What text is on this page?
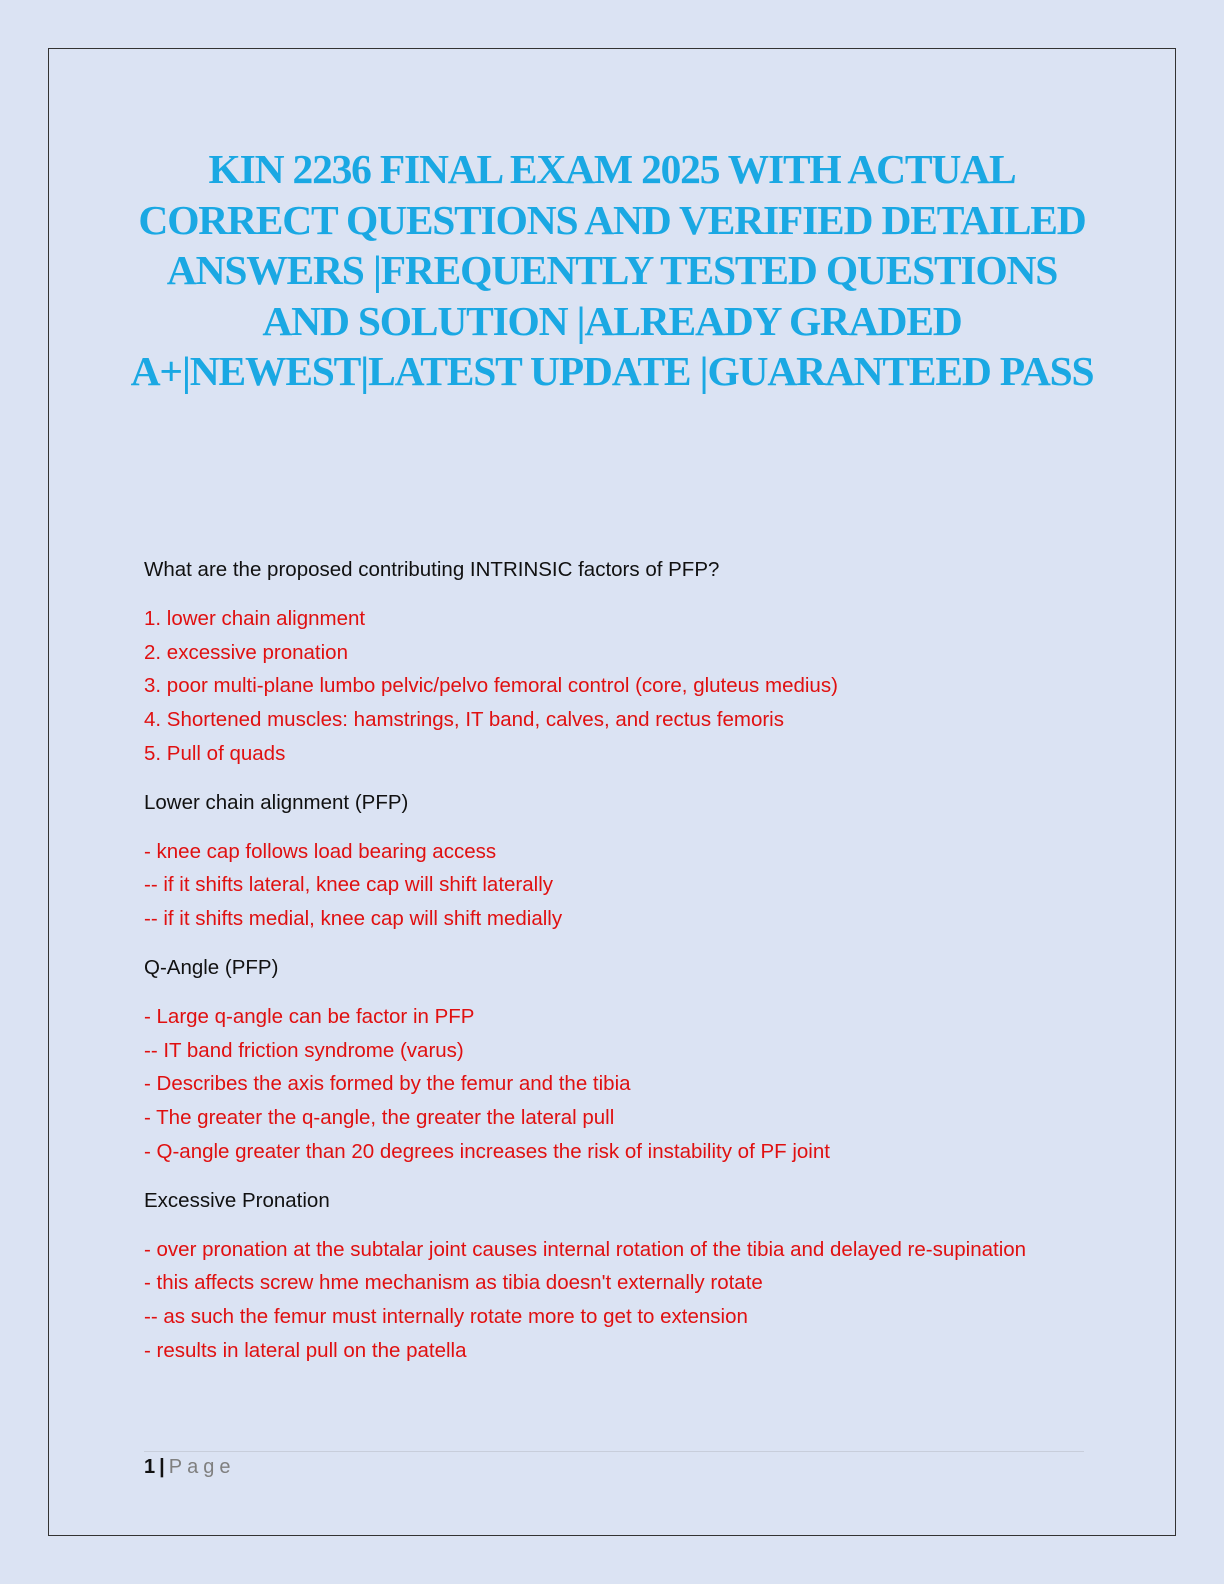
KIN 2236 FINAL EXAM 2025 WITH ACTUAL CORRECT QUESTIONS AND VERIFIED DETAILED ANSWERS |FREQUENTLY TESTED QUESTIONS AND SOLUTION |ALREADY GRADED A+|NEWEST|LATEST UPDATE |GUARANTEED PASS
What are the proposed contributing INTRINSIC factors of PFP?
1. lower chain alignment
2. excessive pronation
3. poor multi-plane lumbo pelvic/pelvo femoral control (core, gluteus medius)
4. Shortened muscles: hamstrings, IT band, calves, and rectus femoris
5. Pull of quads
Lower chain alignment (PFP)
- knee cap follows load bearing access
-- if it shifts lateral, knee cap will shift laterally
-- if it shifts medial, knee cap will shift medially
Q-Angle (PFP)
- Large q-angle can be factor in PFP
-- IT band friction syndrome (varus)
- Describes the axis formed by the femur and the tibia
- The greater the q-angle, the greater the lateral pull
- Q-angle greater than 20 degrees increases the risk of instability of PF joint
Excessive Pronation
- over pronation at the subtalar joint causes internal rotation of the tibia and delayed re-supination
- this affects screw hme mechanism as tibia doesn't externally rotate
-- as such the femur must internally rotate more to get to extension
- results in lateral pull on the patella
1 | Page
